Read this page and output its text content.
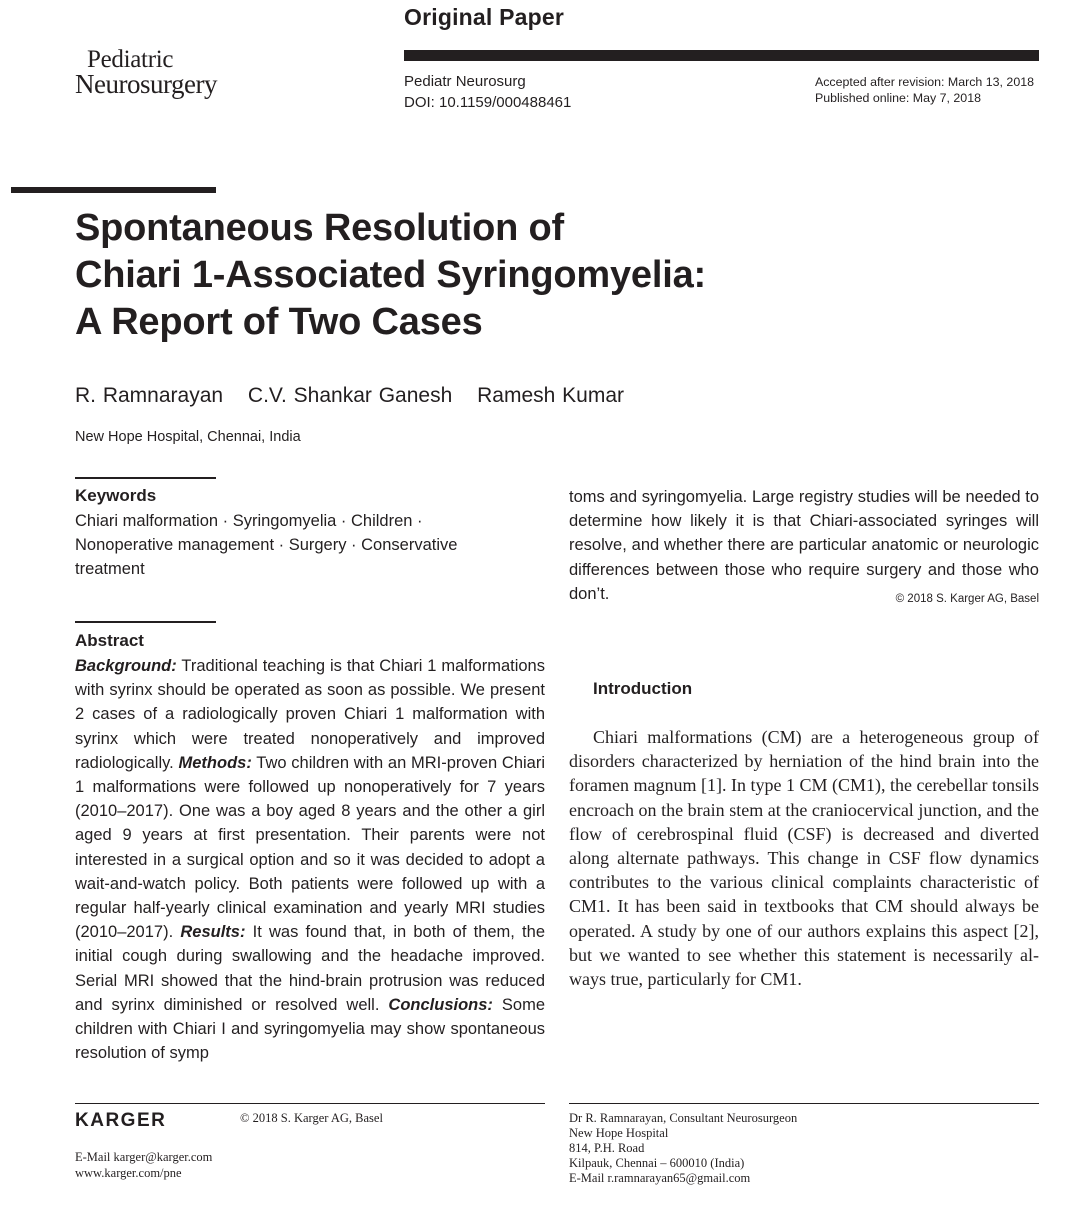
Original Paper
Pediatric
Neurosurgery	Pediatr Neurosurg
DOI: 10.1159/000488461
Accepted after revision: March 13, 2018
Published online: May 7, 2018
Spontaneous Resolution of
Chiari 1-Associated Syringomyelia:
A Report of Two Cases
R. Ramnarayan C.V. Shankar Ganesh Ramesh Kumar
New Hope Hospital, Chennai, India
Keywords
Chiari malformation · Syringomyelia · Children ·
Nonoperative management · Surgery · Conservative
treatment
Abstract
Background: Traditional teaching is that Chiari 1 malformations with syrinx should be operated as soon as possible. We present 2 cases of a radiologically proven Chiari 1 malformation with syrinx which were treated nonoperatively and improved radiologically. Methods: Two children with an MRI-proven Chiari 1 malformations were followed up nonoperatively for 7 years (2010–2017). One was a boy aged 8 years and the other a girl aged 9 years at first presentation. Their parents were not interested in a surgical option and so it was decided to adopt a wait-and-watch policy. Both patients were followed up with a regular half-yearly clinical examination and yearly MRI studies (2010–2017). Results: It was found that, in both of them, the initial cough during swallowing and the headache improved. Serial MRI showed that the hind-brain protrusion was reduced and syrinx diminished or resolved well. Conclusions: Some children with Chiari I and syringomyelia may show spontaneous resolution of symp
toms and syringomyelia. Large registry studies will be needed to determine how likely it is that Chiari-associated syringes will resolve, and whether there are particular anatomic or neurologic differences between those who require surgery and those who don’t.	© 2018 S. Karger AG, Basel
Introduction
Chiari malformations (CM) are a heterogeneous group of disorders characterized by herniation of the hind brain into the foramen magnum [1]. In type 1 CM (CM1), the cerebellar tonsils encroach on the brain stem at the craniocervical junction, and the flow of cerebrospinal fluid (CSF) is decreased and diverted along alternate pathways. This change in CSF flow dynamics contributes to the various clinical complaints characteristic of CM1. It has been said in textbooks that CM should always be operated. A study by one of our authors explains this aspect [2], but we wanted to see whether this statement is necessarily always true, particularly for CM1.
KARGER	© 2018 S. Karger AG, Basel
E-Mail karger@karger.com
www.karger.com/pne
Dr R. Ramnarayan, Consultant Neurosurgeon
New Hope Hospital
814, P.H. Road
Kilpauk, Chennai – 600010 (India)
E-Mail r.ramnarayan65@gmail.com
